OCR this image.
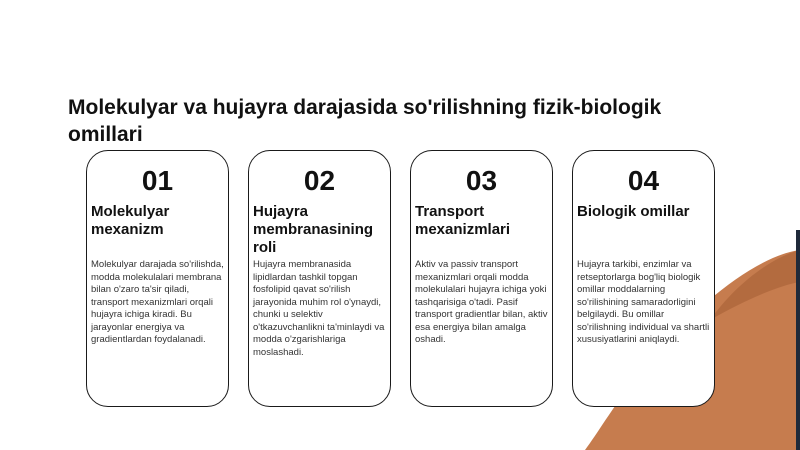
Molekulyar va hujayra darajasida so'rilishning fizik-biologik omillari
01
Molekulyar mexanizm
Molekulyar darajada so'rilishda, modda molekulalari membrana bilan o'zaro ta'sir qiladi, transport mexanizmlari orqali hujayra ichiga kiradi. Bu jarayonlar energiya va gradientlardan foydalanadi.
02
Hujayra membranasining roli
Hujayra membranasida lipidlardan tashkil topgan fosfolipid qavat so'rilish jarayonida muhim rol o'ynaydi, chunki u selektiv o'tkazuvchanlikni ta'minlaydi va modda o'zgarishlariga moslashadi.
03
Transport mexanizmlari
Aktiv va passiv transport mexanizmlari orqali modda molekulalari hujayra ichiga yoki tashqarisiga o'tadi. Pasif transport gradientlar bilan, aktiv esa energiya bilan amalga oshadi.
04
Biologik omillar
Hujayra tarkibi, enzimlar va retseptorlarga bog'liq biologik omillar moddalarning so'rilishining samaradorligini belgilaydi. Bu omillar so'rilishning individual va shartli xususiyatlarini aniqlaydi.
